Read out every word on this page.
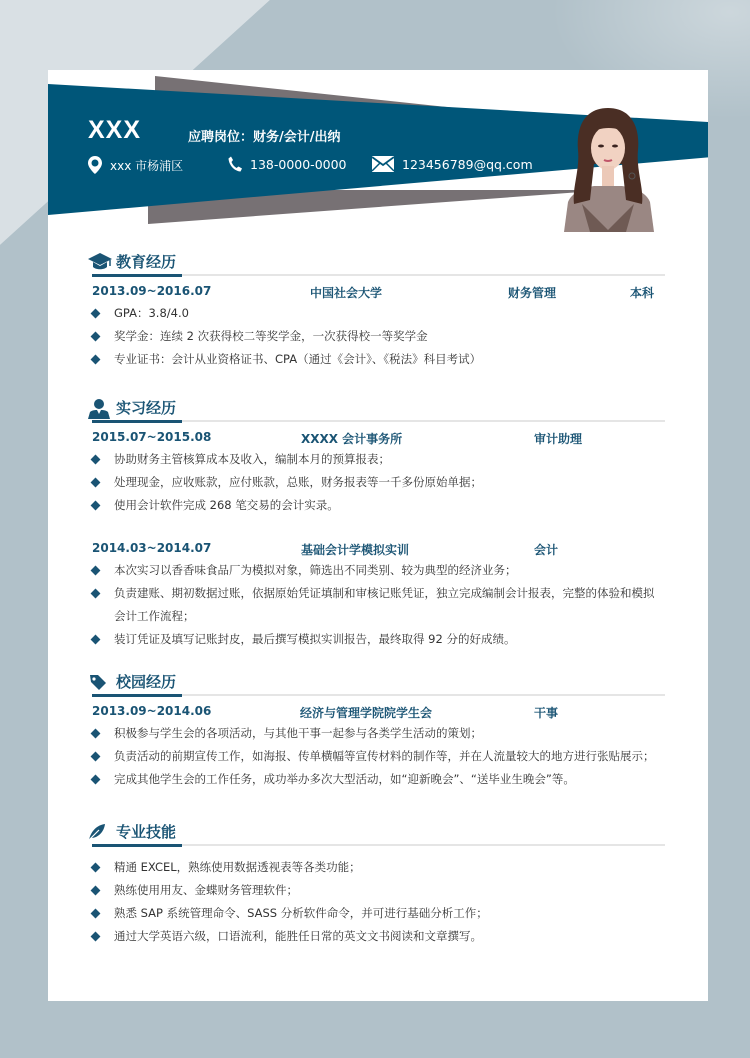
XXX	应聘岗位：财务/会计/出纳
xxx 市杨浦区	138-0000-0000	123456789@qq.com
教育经历
2013.09~2016.07	中国社会大学	财务管理	本科
GPA：3.8/4.0
奖学金：连续 2 次获得校二等奖学金，一次获得校一等奖学金
专业证书：会计从业资格证书、CPA（通过《会计》、《税法》科目考试）
实习经历
2015.07~2015.08	XXXX 会计事务所	审计助理
协助财务主管核算成本及收入，编制本月的预算报表；
处理现金，应收账款，应付账款，总账，财务报表等一千多份原始单据；
使用会计软件完成 268 笔交易的会计实录。
2014.03~2014.07	基础会计学模拟实训	会计
本次实习以香香味食品厂为模拟对象，筛选出不同类别、较为典型的经济业务；
负责建账、期初数据过账，依据原始凭证填制和审核记账凭证，独立完成编制会计报表，完整的体验和模拟会计工作流程；
装订凭证及填写记账封皮，最后撰写模拟实训报告，最终取得 92 分的好成绩。
校园经历
2013.09~2014.06	经济与管理学院院学生会	干事
积极参与学生会的各项活动，与其他干事一起参与各类学生活动的策划；
负责活动的前期宣传工作，如海报、传单横幅等宣传材料的制作等，并在人流量较大的地方进行张贴展示；
完成其他学生会的工作任务，成功举办多次大型活动，如“迎新晚会”、“送毕业生晚会”等。
专业技能
精通 EXCEL，熟练使用数据透视表等各类功能；
熟练使用用友、金蝶财务管理软件；
熟悉 SAP 系统管理命令、SASS 分析软件命令，并可进行基础分析工作；
通过大学英语六级，口语流利，能胜任日常的英文文书阅读和文章撰写。
